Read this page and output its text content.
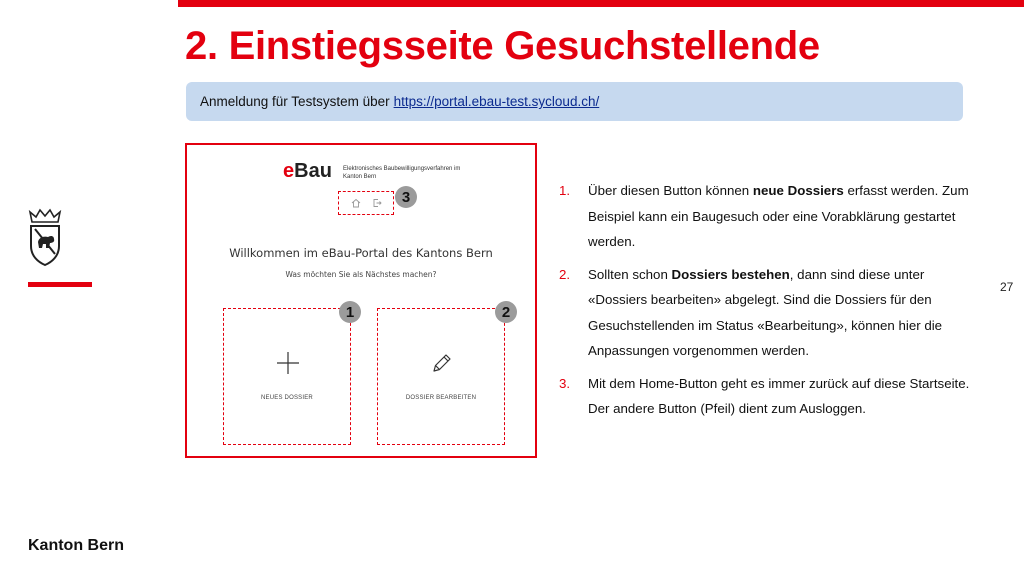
2. Einstiegsseite Gesuchstellende
Anmeldung für Testsystem über https://portal.ebau-test.sycloud.ch/
Kanton Bern
27
eBau Elektronisches Baubewilligungsverfahren im Kanton Bern
3
Willkommen im eBau-Portal des Kantons Bern
Was möchten Sie als Nächstes machen?
NEUES DOSSIER
1
DOSSIER BEARBEITEN
2
1. Über diesen Button können neue Dossiers erfasst werden. Zum Beispiel kann ein Baugesuch oder eine Vorabklärung gestartet werden.
2. Sollten schon Dossiers bestehen, dann sind diese unter «Dossiers bearbeiten» abgelegt. Sind die Dossiers für den Gesuchstellenden im Status «Bearbeitung», können hier die Anpassungen vorgenommen werden.
3. Mit dem Home-Button geht es immer zurück auf diese Startseite. Der andere Button (Pfeil) dient zum Ausloggen.
